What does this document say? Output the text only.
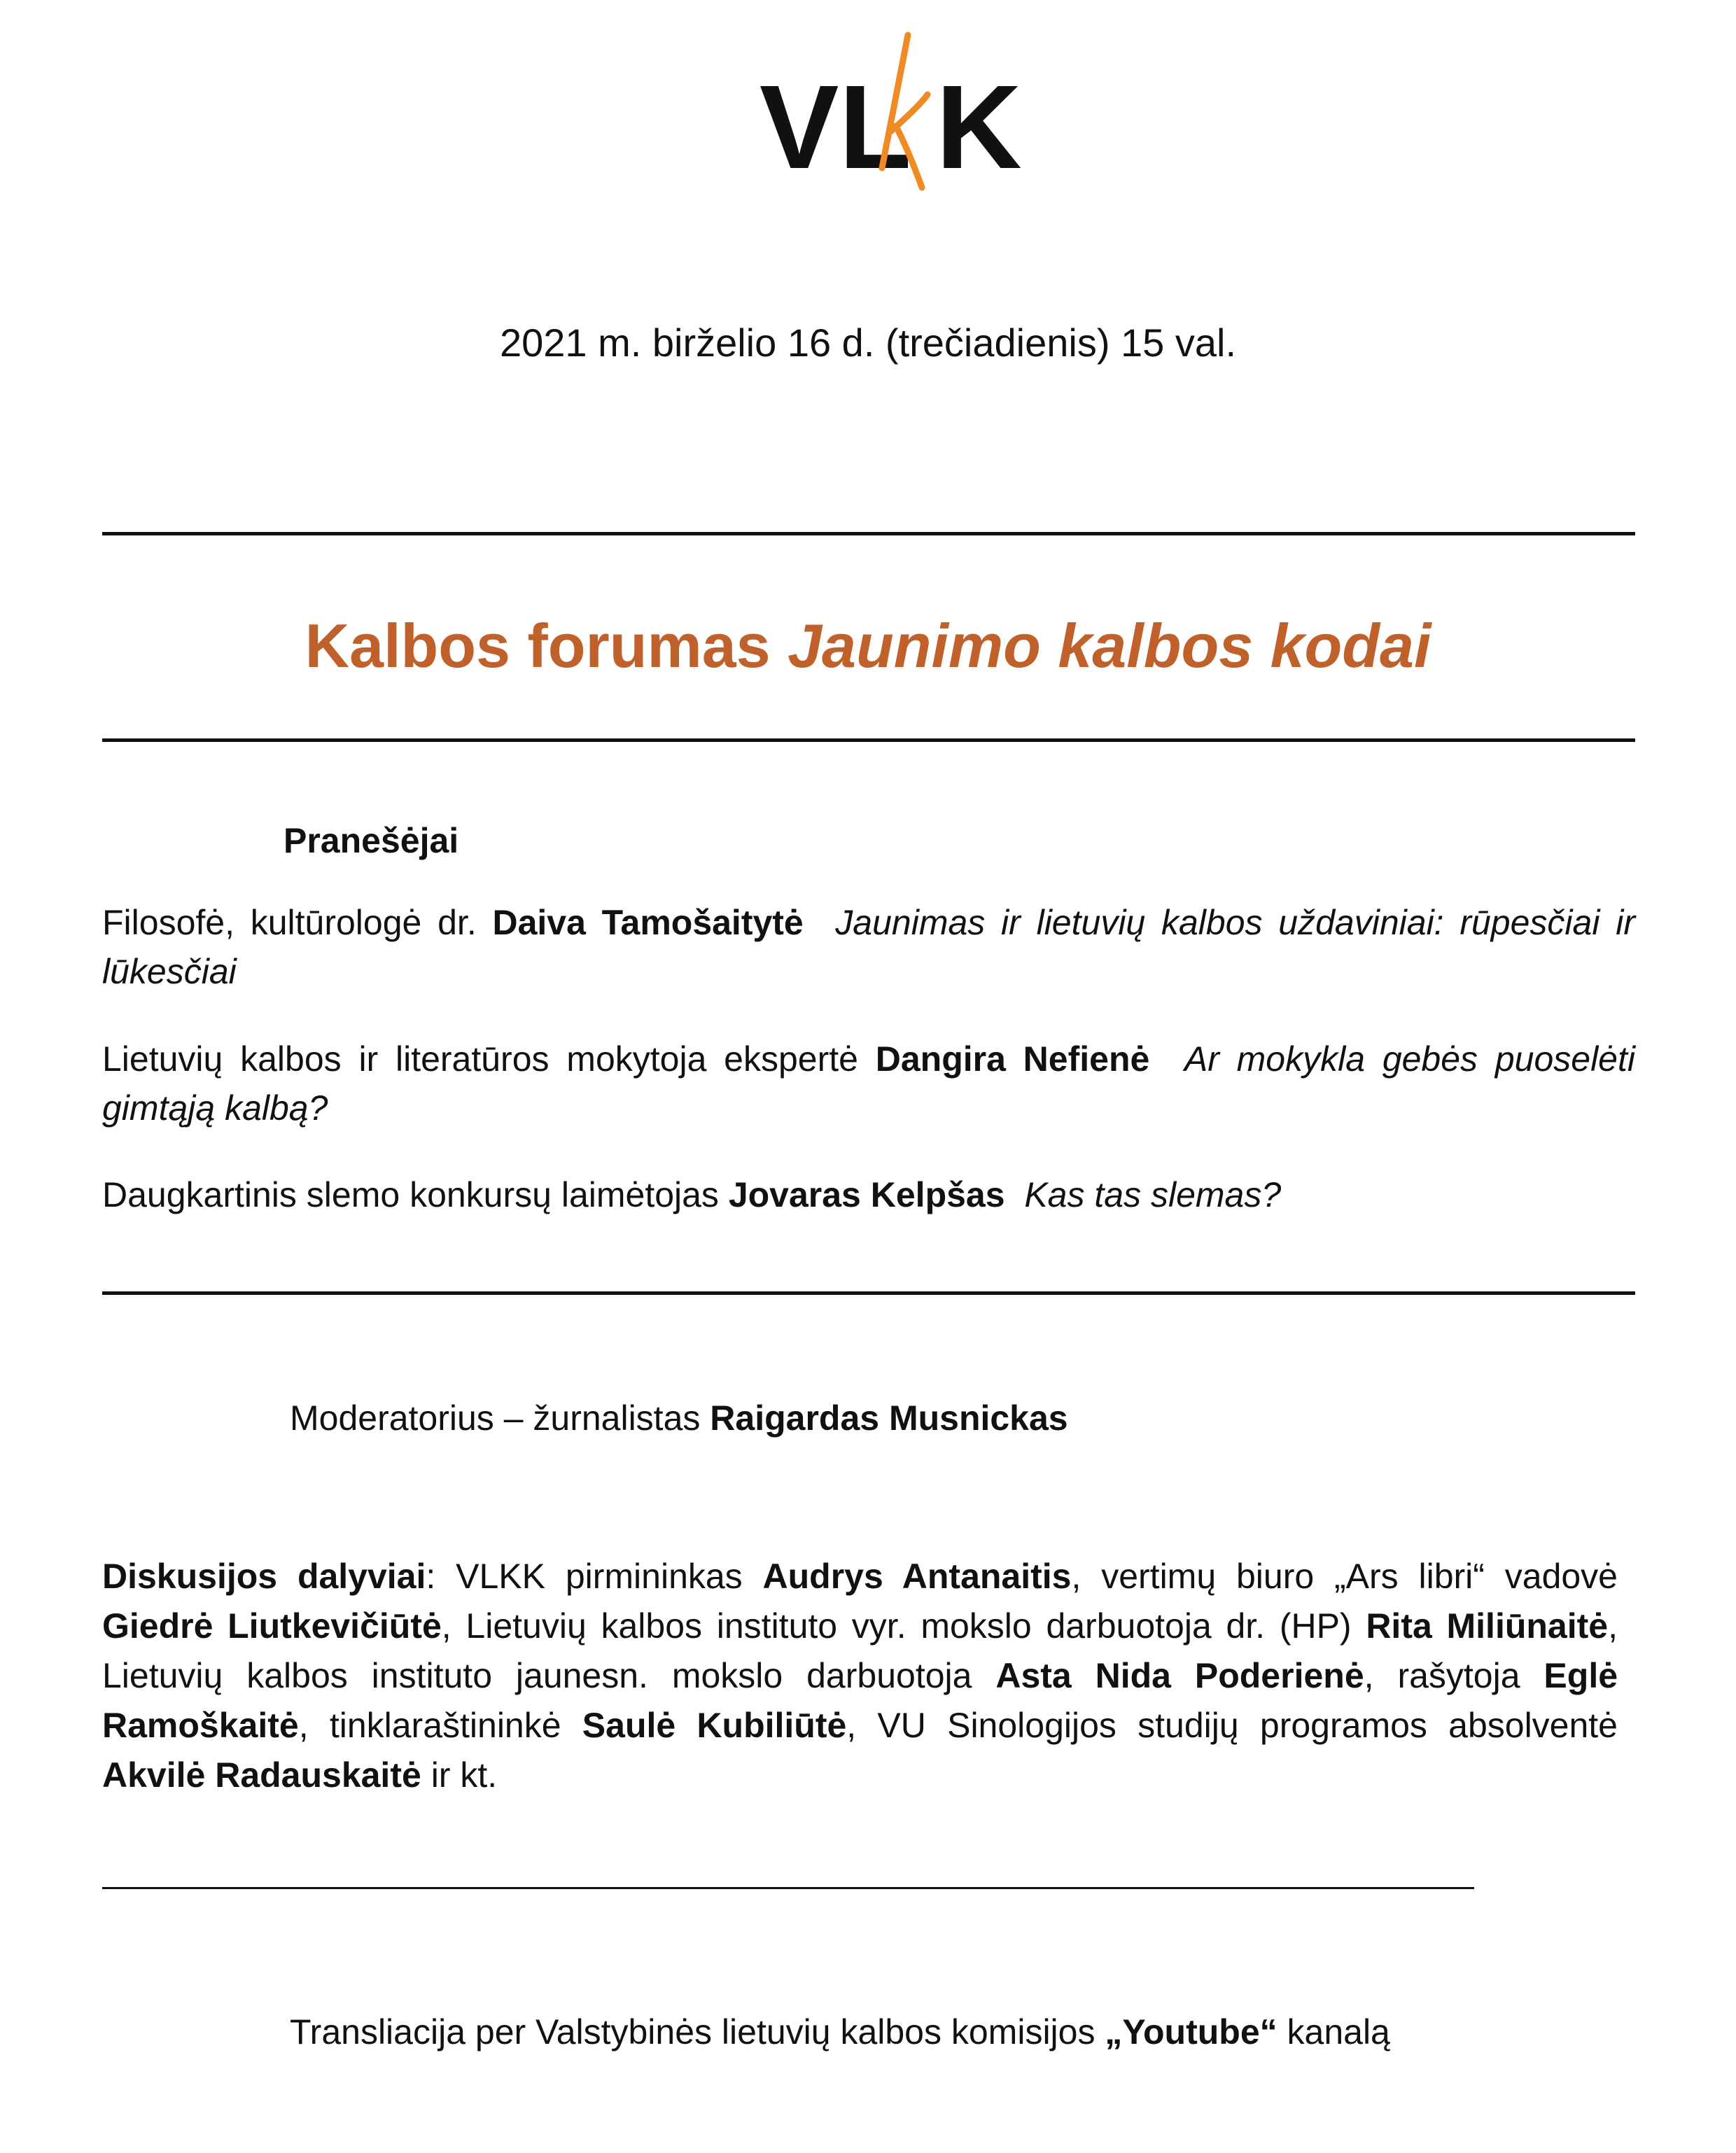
VL K
2021 m. birželio 16 d. (trečiadienis) 15 val.
Kalbos forumas Jaunimo kalbos kodai
Pranešėjai
Filosofė, kultūrologė dr. Daiva Tamošaitytė Jaunimas ir lietuvių kalbos uždaviniai: rūpesčiai ir lūkesčiai
Lietuvių kalbos ir literatūros mokytoja ekspertė Dangira Nefienė Ar mokykla gebės puoselėti gimtąją kalbą?
Daugkartinis slemo konkursų laimėtojas Jovaras Kelpšas Kas tas slemas?
Moderatorius – žurnalistas Raigardas Musnickas
Diskusijos dalyviai: VLKK pirmininkas Audrys Antanaitis, vertimų biuro „Ars libri“ vadovė Giedrė Liutkevičiūtė, Lietuvių kalbos instituto vyr. mokslo darbuotoja dr. (HP) Rita Miliūnaitė, Lietuvių kalbos instituto jaunesn. mokslo darbuotoja Asta Nida Poderienė, rašytoja Eglė Ramoškaitė, tinklaraštininkė Saulė Kubiliūtė, VU Sinologijos studijų programos absolventė Akvilė Radauskaitė ir kt.
Transliacija per Valstybinės lietuvių kalbos komisijos „Youtube“ kanalą
